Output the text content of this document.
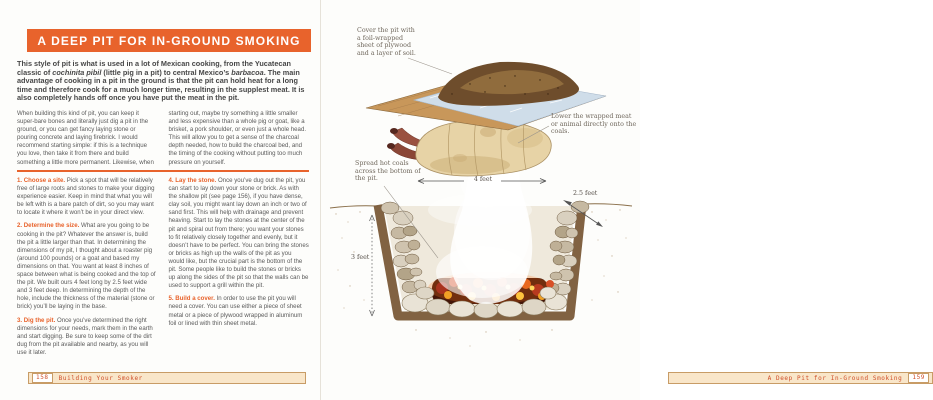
A DEEP PIT FOR IN-GROUND SMOKING
This style of pit is what is used in a lot of Mexican cooking, from the Yucatecan classic of cochinita pibil (little pig in a pit) to central Mexico’s barbacoa. The main advantage of cooking in a pit in the ground is that the pit can hold heat for a long time and therefore cook for a much longer time, resulting in the supplest meat. It is also completely hands off once you have put the meat in the pit.

When building this kind of pit, you can keep it super-bare bones and literally just dig a pit in the ground, or you can get fancy laying stone or pouring concrete and laying firebrick. I would recommend starting simple: if this is a technique you love, then take it from there and build something a little more permanent. Likewise, when

starting out, maybe try something a little smaller and less expensive than a whole pig or goat, like a brisket, a pork shoulder, or even just a whole head. This will allow you to get a sense of the charcoal depth needed, how to build the charcoal bed, and the timing of the cooking without putting too much pressure on yourself.

1. Choose a site. Pick a spot that will be relatively free of large roots and stones to make your digging experience easier. Keep in mind that what you will be left with is a bare patch of dirt, so you may want to locate it where it won’t be in your direct view.

2. Determine the size. What are you going to be cooking in the pit? Whatever the answer is, build the pit a little larger than that. In determining the dimensions of my pit, I thought about a roaster pig (around 100 pounds) or a goat and based my dimensions on that. You want at least 8 inches of space between what is being cooked and the top of the pit. We built ours 4 feet long by 2.5 feet wide and 3 feet deep. In determining the depth of the hole, include the thickness of the material (stone or brick) you’ll be laying in the base.

3. Dig the pit. Once you’ve determined the right dimensions for your needs, mark them in the earth and start digging. Be sure to keep some of the dirt dug from the pit available and nearby, as you will use it later.

4. Lay the stone. Once you’ve dug out the pit, you can start to lay down your stone or brick. As with the shallow pit (see page 156), if you have dense, clay soil, you might want lay down an inch or two of sand first. This will help with drainage and prevent heaving. Start to lay the stones at the center of the pit and spiral out from there; you want your stones to fit relatively closely together and evenly, but it doesn’t have to be perfect. You can bring the stones or bricks as high up the walls of the pit as you would like, but the crucial part is the bottom of the pit. Some people like to build the stones or bricks up along the sides of the pit so that the walls can be used to support a grill within the pit.

5. Build a cover. In order to use the pit you will need a cover. You can use either a piece of sheet metal or a piece of plywood wrapped in aluminum foil or lined with thin sheet metal.

158	Building Your Smoker
Cover the pit with a foil-wrapped sheet of plywood and a layer of soil.
Lower the wrapped meat or animal directly onto the coals.
Spread hot coals across the bottom of the pit.	4 feet
2.5 feet
3 feet
A Deep Pit for In-Ground Smoking	159
